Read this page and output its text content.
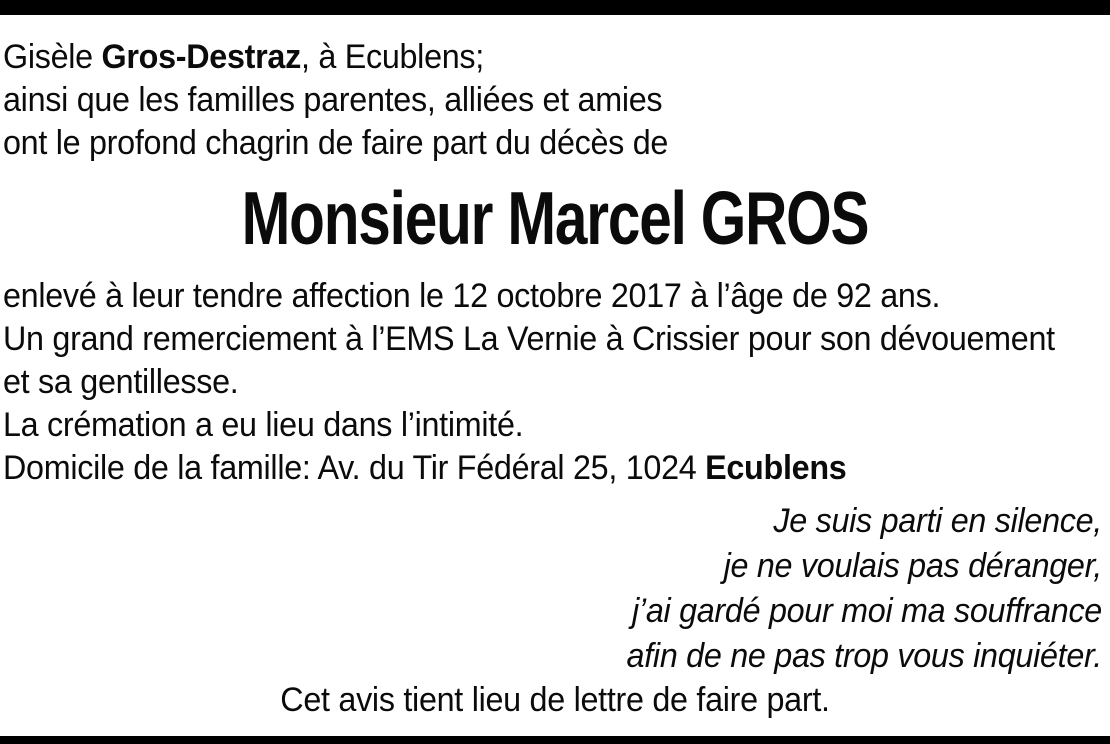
Gisèle Gros-Destraz, à Ecublens;
ainsi que les familles parentes, alliées et amies
ont le profond chagrin de faire part du décès de
Monsieur Marcel GROS
enlevé à leur tendre affection le 12 octobre 2017 à l’âge de 92 ans.
Un grand remerciement à l’EMS La Vernie à Crissier pour son dévouement
et sa gentillesse.
La crémation a eu lieu dans l’intimité.
Domicile de la famille: Av. du Tir Fédéral 25, 1024 Ecublens
Je suis parti en silence,
je ne voulais pas déranger,
j’ai gardé pour moi ma souffrance
afin de ne pas trop vous inquiéter.
Cet avis tient lieu de lettre de faire part.
